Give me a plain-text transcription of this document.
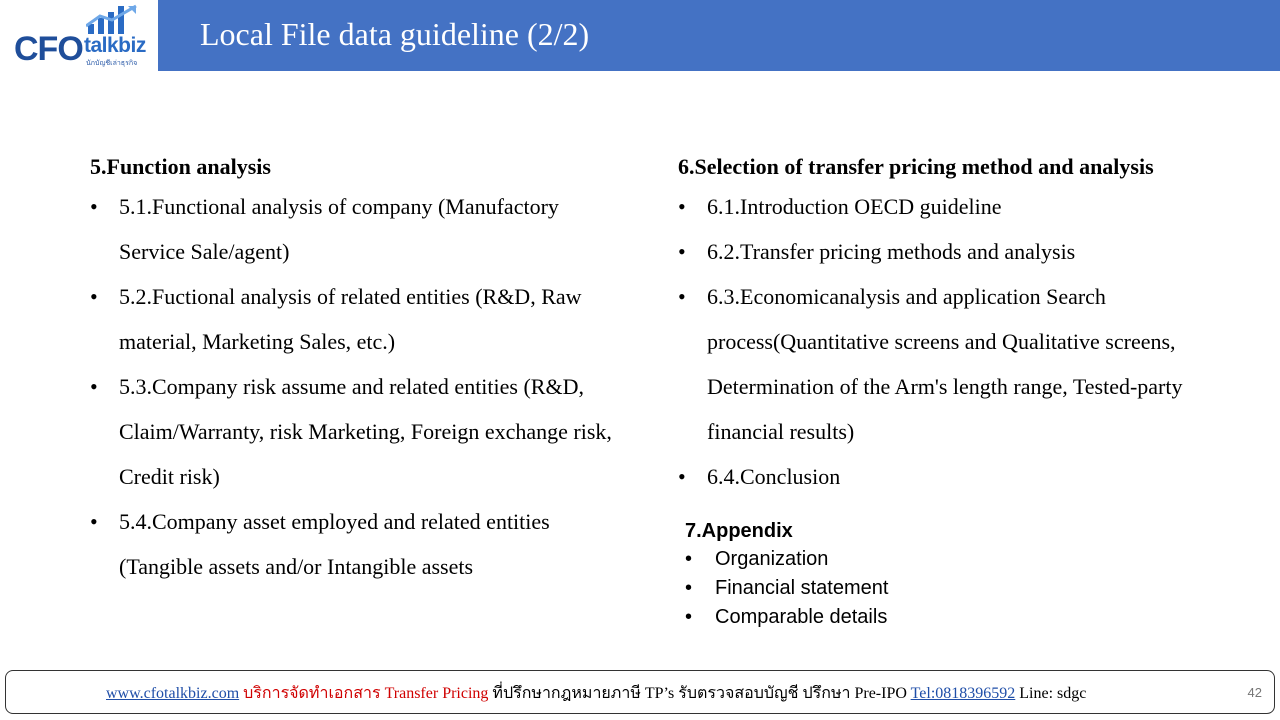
CFO talkbiz
นักบัญชีเล่าธุรกิจ
Local File data guideline (2/2)

5.Function analysis

• 5.1.Functional analysis of company (Manufactory Service Sale/agent)
• 5.2.Fuctional analysis of related entities (R&D, Raw material, Marketing Sales, etc.)
• 5.3.Company risk assume and related entities (R&D, Claim/Warranty, risk Marketing, Foreign exchange risk, Credit risk)
• 5.4.Company asset employed and related entities (Tangible assets and/or Intangible assets

6.Selection of transfer pricing method and analysis

• 6.1.Introduction OECD guideline
• 6.2.Transfer pricing methods and analysis
• 6.3.Economicanalysis and application Search process(Quantitative screens and Qualitative screens, Determination of the Arm's length range, Tested-party financial results)
• 6.4.Conclusion
7.Appendix
• Organization
• Financial statement
• Comparable details
www.cfotalkbiz.com บริการจัดทำเอกสาร Transfer Pricing ที่ปรึกษากฎหมายภาษี TP’s รับตรวจสอบบัญชี ปรึกษา Pre-IPO Tel:0818396592 Line: sdgc	42
